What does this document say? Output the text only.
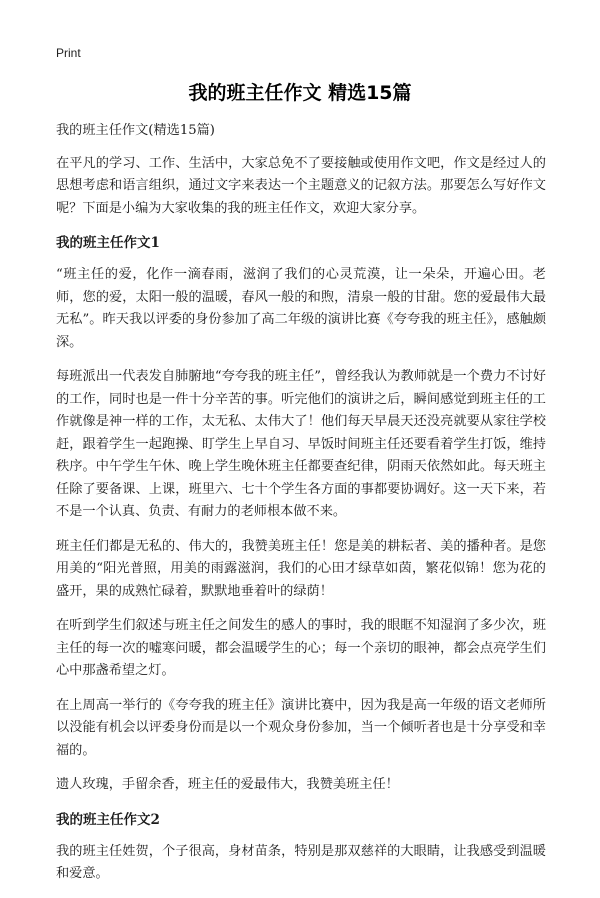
Print
我的班主任作文 精选15篇

我的班主任作文(精选15篇)

在平凡的学习、工作、生活中，大家总免不了要接触或使用作文吧，作文是经过人的思想考虑和语言组织，通过文字来表达一个主题意义的记叙方法。那要怎么写好作文呢？下面是小编为大家收集的我的班主任作文，欢迎大家分享。

我的班主任作文1

“班主任的爱，化作一滴春雨，滋润了我们的心灵荒漠，让一朵朵，开遍心田。老师，您的爱，太阳一般的温暖，春风一般的和煦，清泉一般的甘甜。您的爱最伟大最无私”。昨天我以评委的身份参加了高二年级的演讲比赛《夸夸我的班主任》，感触颇深。

每班派出一代表发自肺腑地“夸夸我的班主任”，曾经我认为教师就是一个费力不讨好的工作，同时也是一件十分辛苦的事。听完他们的演讲之后，瞬间感觉到班主任的工作就像是神一样的工作，太无私、太伟大了！他们每天早晨天还没亮就要从家往学校赶，跟着学生一起跑操、盯学生上早自习、早饭时间班主任还要看着学生打饭，维持秩序。中午学生午休、晚上学生晚休班主任都要查纪律，阴雨天依然如此。每天班主任除了要备课、上课，班里六、七十个学生各方面的事都要协调好。这一天下来，若不是一个认真、负责、有耐力的老师根本做不来。

班主任们都是无私的、伟大的，我赞美班主任！您是美的耕耘者、美的播种者。是您用美的“阳光普照，用美的雨露滋润，我们的心田才绿草如茵，繁花似锦！您为花的盛开，果的成熟忙碌着，默默地垂着叶的绿荫！

在听到学生们叙述与班主任之间发生的感人的事时，我的眼眶不知湿润了多少次，班主任的每一次的嘘寒问暖，都会温暖学生的心；每一个亲切的眼神，都会点亮学生们心中那盏希望之灯。

在上周高一举行的《夸夸我的班主任》演讲比赛中，因为我是高一年级的语文老师所以没能有机会以评委身份而是以一个观众身份参加，当一个倾听者也是十分享受和幸福的。

遗人玫瑰，手留余香，班主任的爱最伟大，我赞美班主任！

我的班主任作文2

我的班主任姓贺，个子很高，身材苗条，特别是那双慈祥的大眼睛，让我感受到温暖和爱意。
